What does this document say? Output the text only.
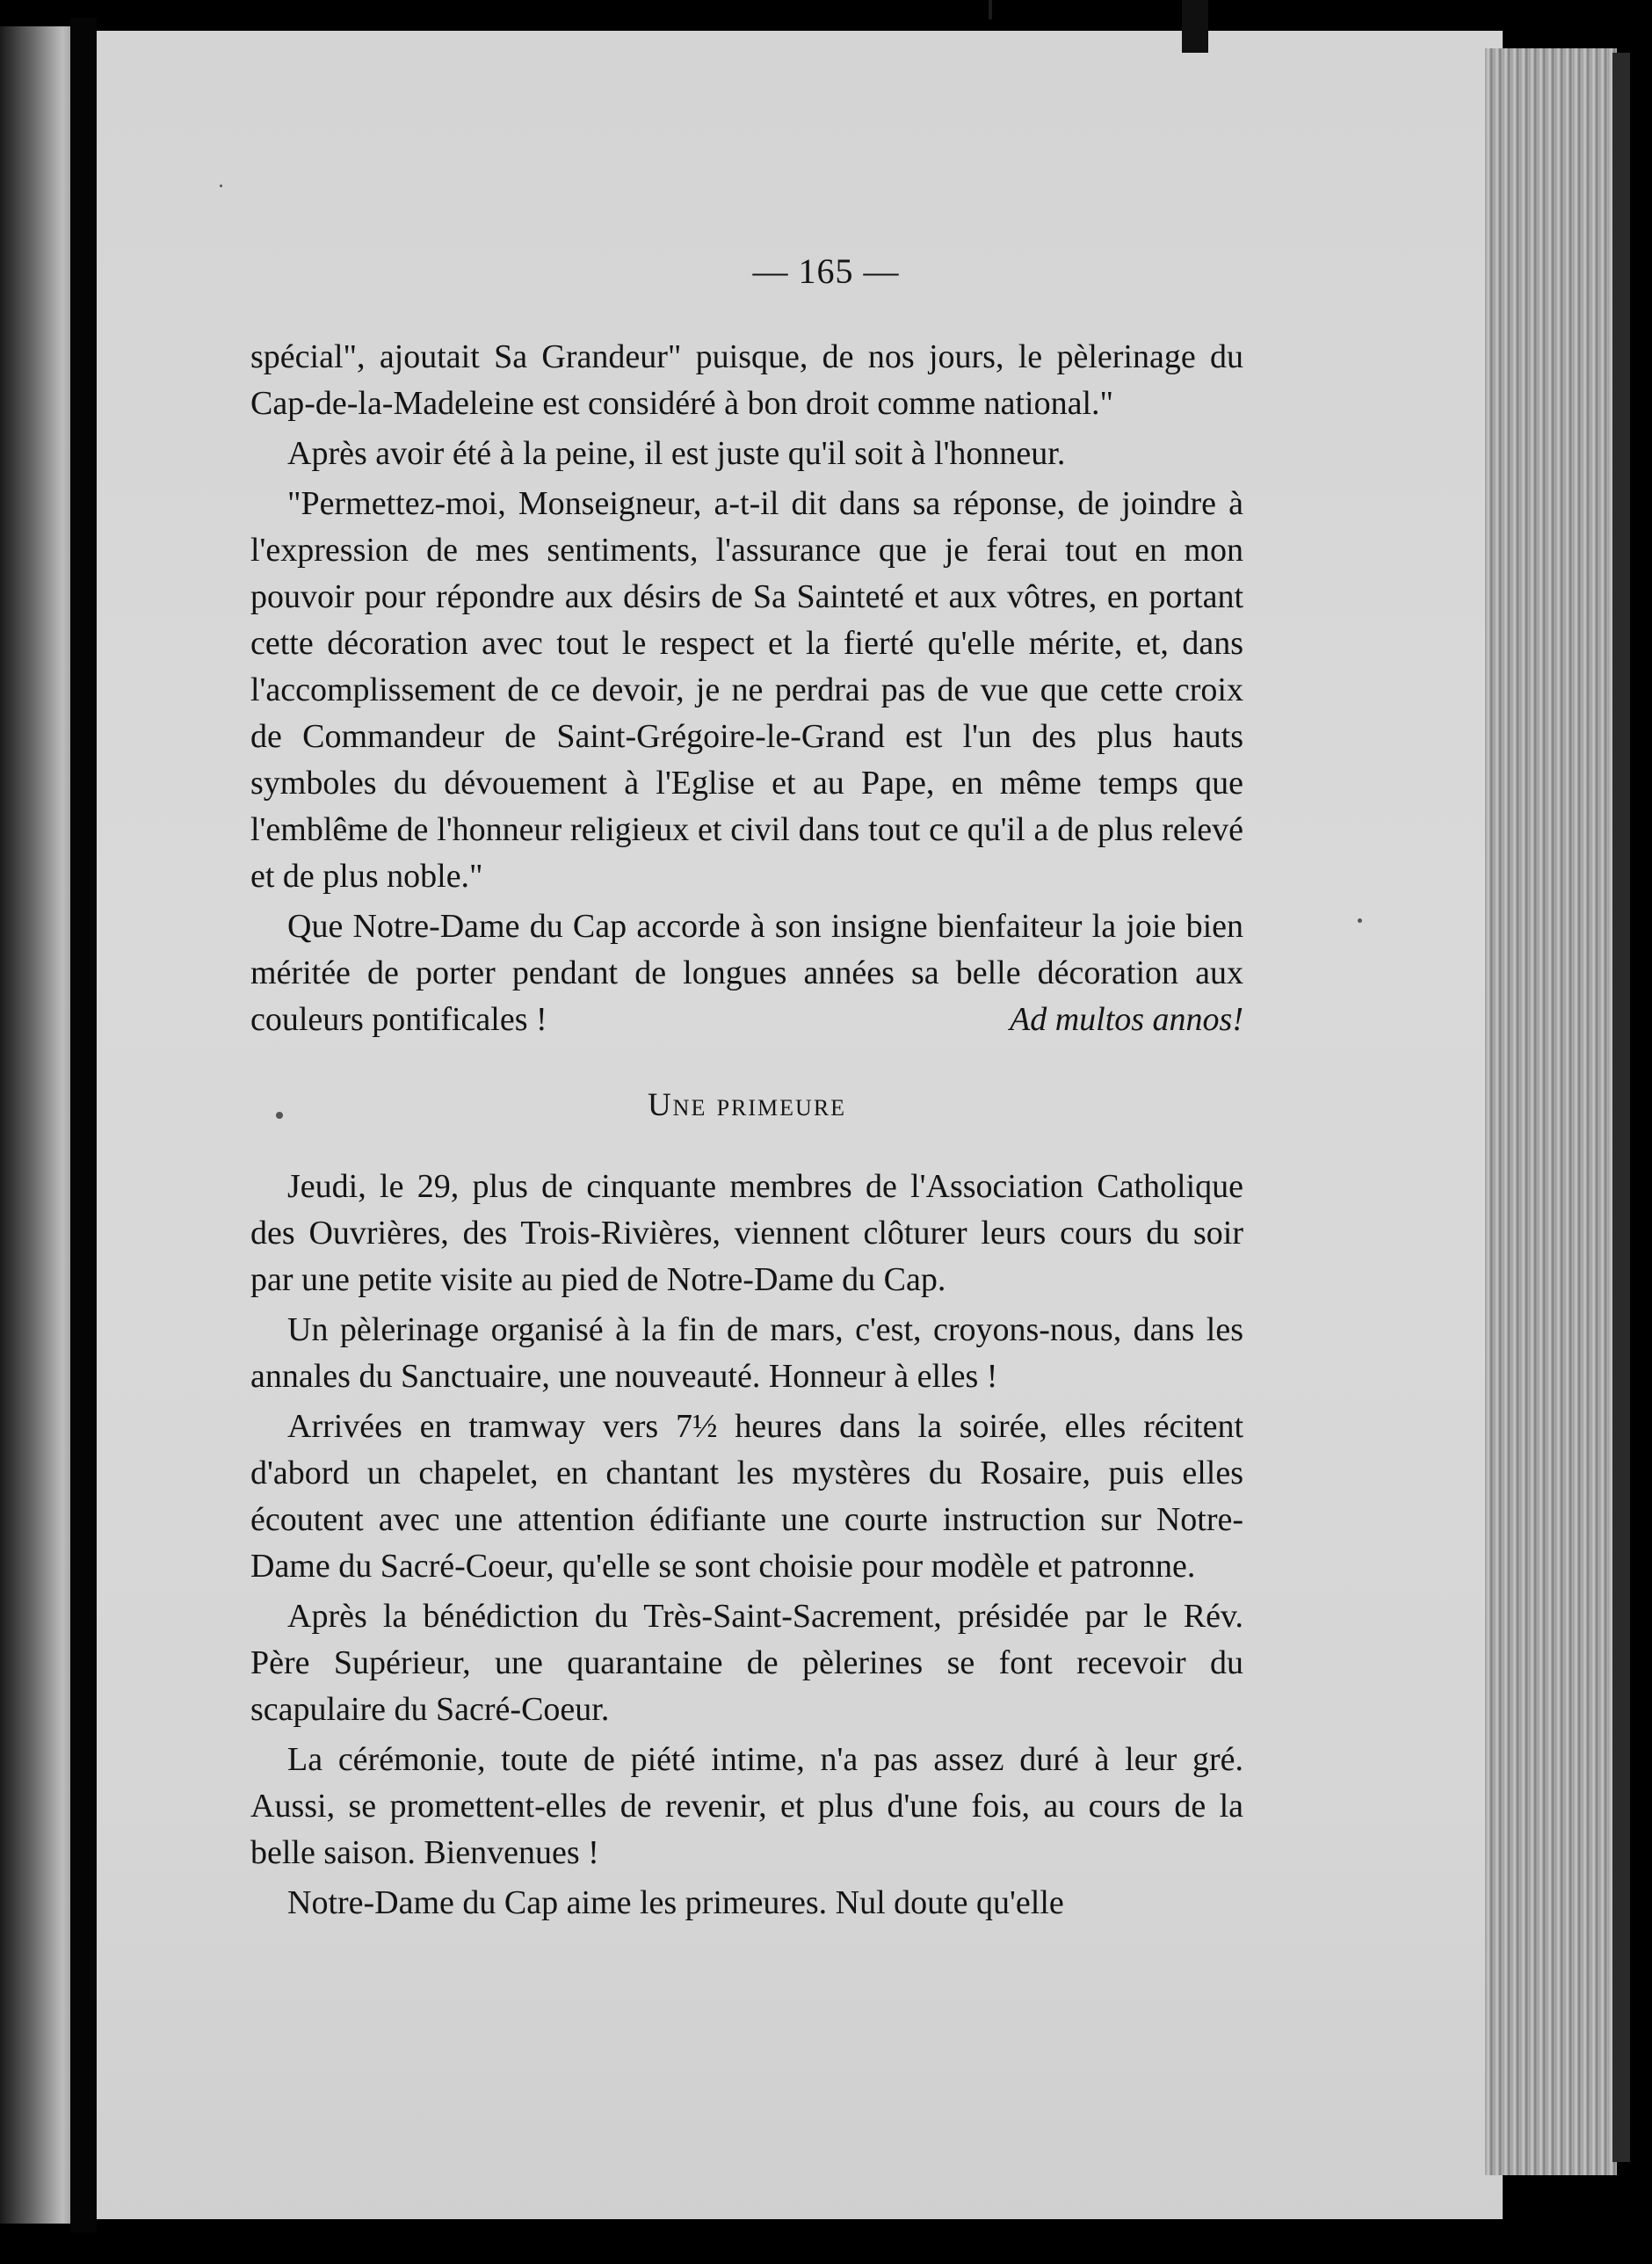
— 165 —

spécial", ajoutait Sa Grandeur" puisque, de nos jours, le pèlerinage du Cap-de-la-Madeleine est considéré à bon droit comme national."

Après avoir été à la peine, il est juste qu'il soit à l'honneur.

"Permettez-moi, Monseigneur, a-t-il dit dans sa réponse, de joindre à l'expression de mes sentiments, l'assurance que je ferai tout en mon pouvoir pour répondre aux désirs de Sa Sainteté et aux vôtres, en portant cette décoration avec tout le respect et la fierté qu'elle mérite, et, dans l'accomplissement de ce devoir, je ne perdrai pas de vue que cette croix de Commandeur de Saint-Grégoire-le-Grand est l'un des plus hauts symboles du dévouement à l'Eglise et au Pape, en même temps que l'emblême de l'honneur religieux et civil dans tout ce qu'il a de plus relevé et de plus noble."

Que Notre-Dame du Cap accorde à son insigne bienfaiteur la joie bien méritée de porter pendant de longues années sa belle décoration aux couleurs pontificales !	Ad multos annos!

Une primeure

Jeudi, le 29, plus de cinquante membres de l'Association Catholique des Ouvrières, des Trois-Rivières, viennent clôturer leurs cours du soir par une petite visite au pied de Notre-Dame du Cap.

Un pèlerinage organisé à la fin de mars, c'est, croyons-nous, dans les annales du Sanctuaire, une nouveauté. Honneur à elles !

Arrivées en tramway vers 7½ heures dans la soirée, elles récitent d'abord un chapelet, en chantant les mystères du Rosaire, puis elles écoutent avec une attention édifiante une courte instruction sur Notre-Dame du Sacré-Coeur, qu'elle se sont choisie pour modèle et patronne.

Après la bénédiction du Très-Saint-Sacrement, présidée par le Rév. Père Supérieur, une quarantaine de pèlerines se font recevoir du scapulaire du Sacré-Coeur.

La cérémonie, toute de piété intime, n'a pas assez duré à leur gré. Aussi, se promettent-elles de revenir, et plus d'une fois, au cours de la belle saison. Bienvenues !

Notre-Dame du Cap aime les primeures. Nul doute qu'elle
